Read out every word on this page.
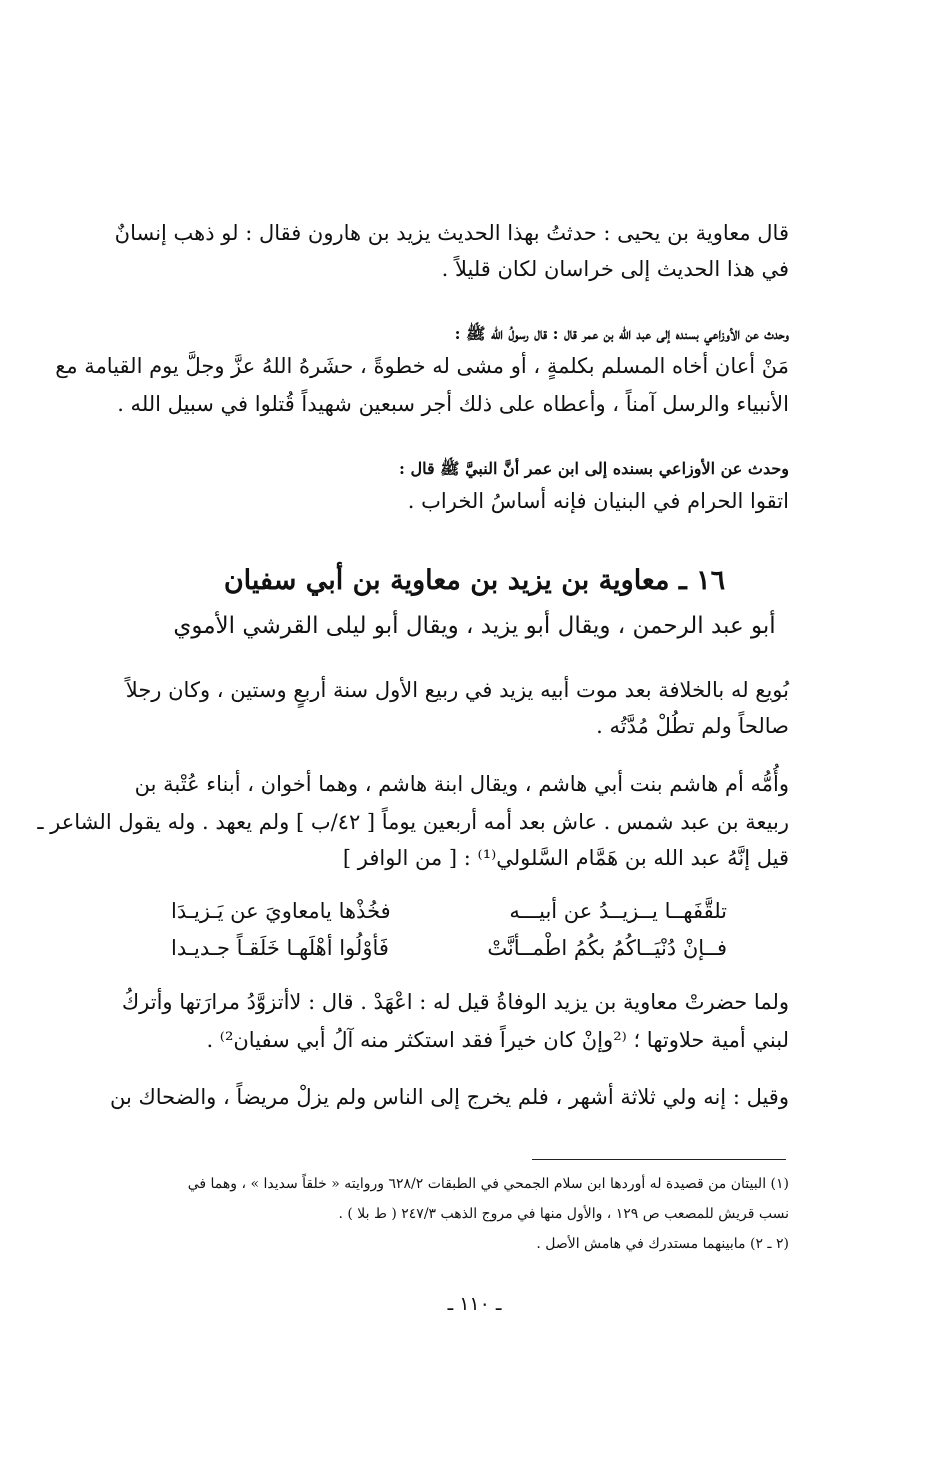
قال معاوية بن يحيى : حدثتُ بهذا الحديث يزيد بن هارون فقال : لو ذهب إنسانٌ
في هذا الحديث إلى خراسان لكان قليلاً .
وحدث عن الأوزاعي بسنده إلى عبد الله بن عمر قال : قال رسولُ الله ﷺ :
مَنْ أعان أخاه المسلم بكلمةٍ ، أو مشى له خطوةً ، حشَرهُ اللهُ عزَّ وجلَّ يوم القيامة مع
الأنبياء والرسل آمناً ، وأعطاه على ذلك أجر سبعين شهيداً قُتلوا في سبيل الله .
وحدث عن الأوزاعي بسنده إلى ابن عمر أنَّ النبيَّ ﷺ قال :
اتقوا الحرام في البنيان فإنه أساسُ الخراب .
١٦ ـ معاوية بن يزيد بن معاوية بن أبي سفيان
أبو عبد الرحمن ، ويقال أبو يزيد ، ويقال أبو ليلى القرشي الأموي
بُويع له بالخلافة بعد موت أبيه يزيد في ربيع الأول سنة أربعٍ وستين ، وكان رجلاً
صالحاً ولم تطُلْ مُدَّتُه .
وأُمُّه أم هاشم بنت أبي هاشم ، ويقال ابنة هاشم ، وهما أخوان ، أبناء عُتْبة بن
ربيعة بن عبد شمس . عاش بعد أمه أربعين يوماً [ ٤٢/ب ] ولم يعهد . وله يقول الشاعر ـ
قيل إنَّهُ عبد الله بن هَمَّام السَّلولي⁽¹⁾ : [ من الوافر ]
تلقَّفَهــا يــزيــدُ عن أبيـــه
فخُذْها يامعاويَ عن يَـزيـدَا
فــإنْ دُنْيَــاكُمُ بكُمُ اطْمــأنَّتْ
فَأوْلُوا أهْلَهـا خَلَقـاً جـديـدا
ولما حضرتْ معاوية بن يزيد الوفاةُ قيل له : اعْهَدْ . قال : لاأتزوَّدُ مرارَتها وأتركُ
لبني أمية حلاوتها ؛ ⁽²وإنْ كان خيراً فقد استكثر منه آلُ أبي سفيان²⁾ .
وقيل : إنه ولي ثلاثة أشهر ، فلم يخرج إلى الناس ولم يزلْ مريضاً ، والضحاك بن
(١) البيتان من قصيدة له أوردها ابن سلام الجمحي في الطبقات ٦٢٨/٢ وروايته « خلقاً سديدا » ، وهما في
نسب قريش للمصعب ص ١٢٩ ، والأول منها في مروج الذهب ٢٤٧/٣ ( ط بلا ) .
(٢ ـ ٢) مابينهما مستدرك في هامش الأصل .
ـ ١١٠ ـ
